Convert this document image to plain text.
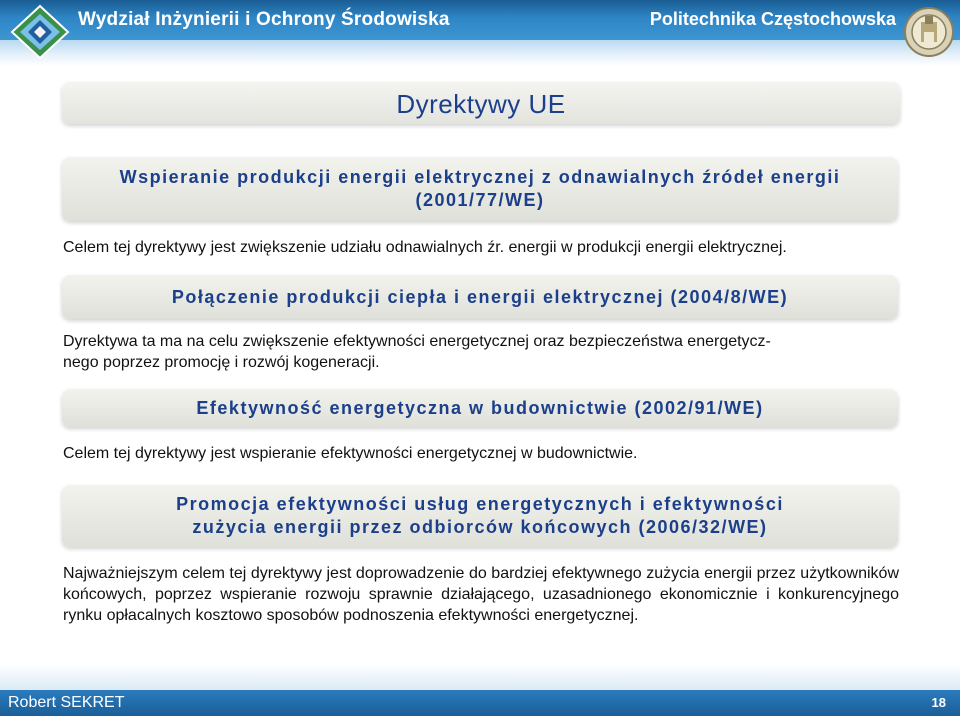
Wydział Inżynierii i Ochrony Środowiska	Politechnika Częstochowska
Dyrektywy UE
Wspieranie produkcji energii elektrycznej z odnawialnych źródeł energii
(2001/77/WE)
Celem tej dyrektywy jest zwiększenie udziału odnawialnych źr. energii w produkcji energii elektrycznej.
Połączenie produkcji ciepła i energii elektrycznej (2004/8/WE)
Dyrektywa ta ma na celu zwiększenie efektywności energetycznej oraz bezpieczeństwa energetycz-
nego poprzez promocję i rozwój kogeneracji.
Efektywność energetyczna w budownictwie (2002/91/WE)
Celem tej dyrektywy jest wspieranie efektywności energetycznej w budownictwie.
Promocja efektywności usług energetycznych i efektywności
zużycia energii przez odbiorców końcowych (2006/32/WE)
Najważniejszym celem tej dyrektywy jest doprowadzenie do bardziej efektywnego zużycia energii przez użytkowników końcowych, poprzez wspieranie rozwoju sprawnie działającego, uzasadnionego ekonomicznie i konkurencyjnego rynku opłacalnych kosztowo sposobów podnoszenia efektywności energetycznej.
Robert SEKRET	18
